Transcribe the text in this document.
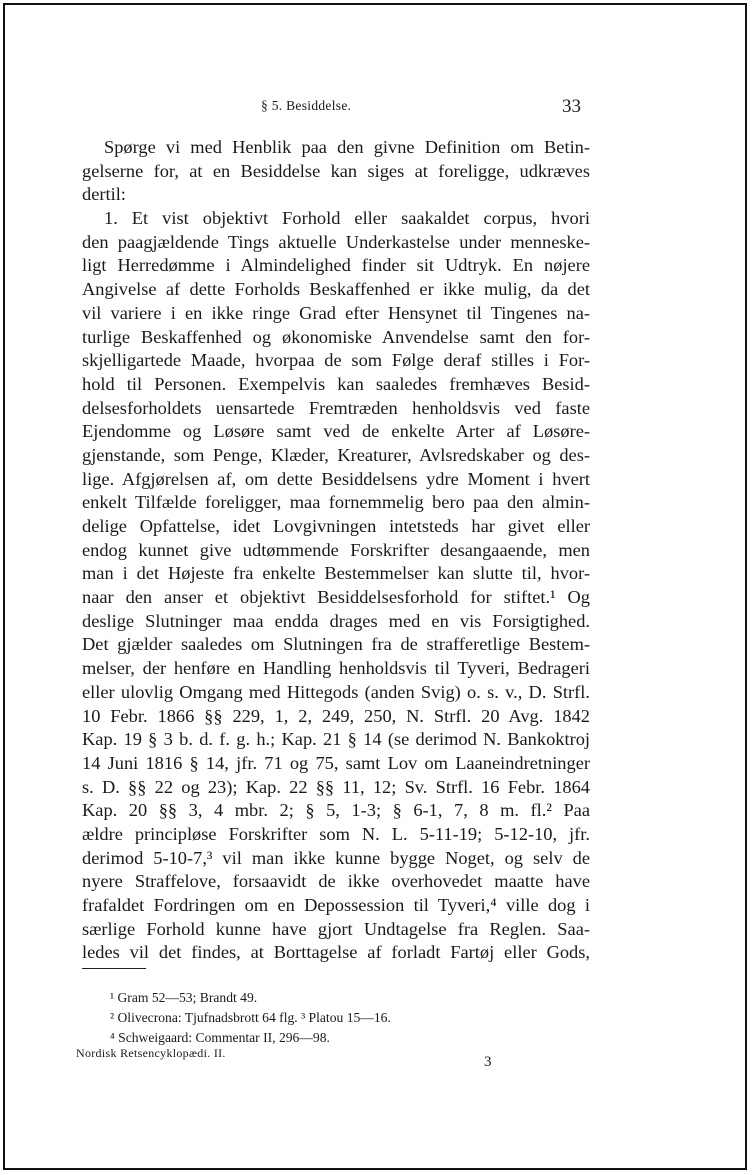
§ 5. Besiddelse.	33
Spørge vi med Henblik paa den givne Definition om Betin-
gelserne for, at en Besiddelse kan siges at foreligge, udkræves
dertil:
1. Et vist objektivt Forhold eller saakaldet corpus, hvori
den paagjældende Tings aktuelle Underkastelse under menneske-
ligt Herredømme i Almindelighed finder sit Udtryk. En nøjere
Angivelse af dette Forholds Beskaffenhed er ikke mulig, da det
vil variere i en ikke ringe Grad efter Hensynet til Tingenes na-
turlige Beskaffenhed og økonomiske Anvendelse samt den for-
skjelligartede Maade, hvorpaa de som Følge deraf stilles i For-
hold til Personen. Exempelvis kan saaledes fremhæves Besid-
delsesforholdets uensartede Fremtræden henholdsvis ved faste
Ejendomme og Løsøre samt ved de enkelte Arter af Løsøre-
gjenstande, som Penge, Klæder, Kreaturer, Avlsredskaber og des-
lige. Afgjørelsen af, om dette Besiddelsens ydre Moment i hvert
enkelt Tilfælde foreligger, maa fornemmelig bero paa den almin-
delige Opfattelse, idet Lovgivningen intetsteds har givet eller
endog kunnet give udtømmende Forskrifter desangaaende, men
man i det Højeste fra enkelte Bestemmelser kan slutte til, hvor-
naar den anser et objektivt Besiddelsesforhold for stiftet.¹ Og
deslige Slutninger maa endda drages med en vis Forsigtighed.
Det gjælder saaledes om Slutningen fra de strafferetlige Bestem-
melser, der henføre en Handling henholdsvis til Tyveri, Bedrageri
eller ulovlig Omgang med Hittegods (anden Svig) o. s. v., D. Strfl.
10 Febr. 1866 §§ 229, 1, 2, 249, 250, N. Strfl. 20 Avg. 1842
Kap. 19 § 3 b. d. f. g. h.; Kap. 21 § 14 (se derimod N. Bankoktroj
14 Juni 1816 § 14, jfr. 71 og 75, samt Lov om Laaneindretninger
s. D. §§ 22 og 23); Kap. 22 §§ 11, 12; Sv. Strfl. 16 Febr. 1864
Kap. 20 §§ 3, 4 mbr. 2; § 5, 1-3; § 6-1, 7, 8 m. fl.² Paa
ældre principløse Forskrifter som N. L. 5-11-19; 5-12-10, jfr.
derimod 5-10-7,³ vil man ikke kunne bygge Noget, og selv de
nyere Straffelove, forsaavidt de ikke overhovedet maatte have
frafaldet Fordringen om en Depossession til Tyveri,⁴ ville dog i
særlige Forhold kunne have gjort Undtagelse fra Reglen. Saa-
ledes vil det findes, at Borttagelse af forladt Fartøj eller Gods,
¹ Gram 52—53; Brandt 49.
² Olivecrona: Tjufnadsbrott 64 flg. ³ Platou 15—16.
⁴ Schweigaard: Commentar II, 296—98.
Nordisk Retsencyklopædi. II.
3
